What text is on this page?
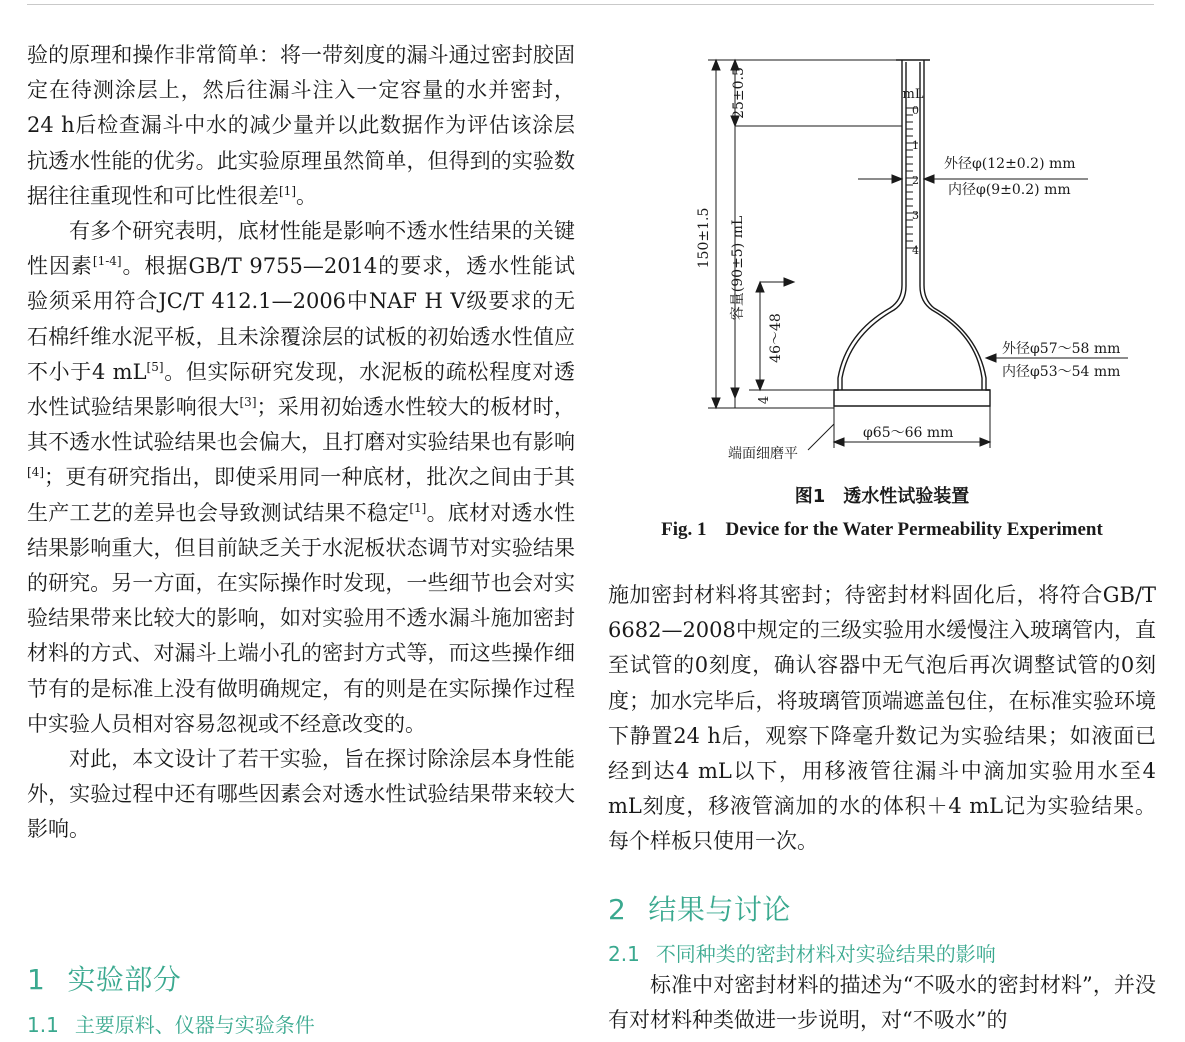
验的原理和操作非常简单：将一带刻度的漏斗通过密封胶固定在待测涂层上，然后往漏斗注入一定容量的水并密封，24 h后检查漏斗中水的减少量并以此数据作为评估该涂层抗透水性能的优劣。此实验原理虽然简单，但得到的实验数据往往重现性和可比性很差[1]。

有多个研究表明，底材性能是影响不透水性结果的关键性因素[1-4]。根据GB/T 9755—2014的要求，透水性能试验须采用符合JC/T 412.1—2006中NAF H Ⅴ级要求的无石棉纤维水泥平板，且未涂覆涂层的试板的初始透水性值应不小于4 mL[5]。但实际研究发现，水泥板的疏松程度对透水性试验结果影响很大[3]；采用初始透水性较大的板材时，其不透水性试验结果也会偏大，且打磨对实验结果也有影响[4]；更有研究指出，即使采用同一种底材，批次之间由于其生产工艺的差异也会导致测试结果不稳定[1]。底材对透水性结果影响重大，但目前缺乏关于水泥板状态调节对实验结果的研究。另一方面，在实际操作时发现，一些细节也会对实验结果带来比较大的影响，如对实验用不透水漏斗施加密封材料的方式、对漏斗上端小孔的密封方式等，而这些操作细节有的是标准上没有做明确规定，有的则是在实际操作过程中实验人员相对容易忽视或不经意改变的。

对此，本文设计了若干实验，旨在探讨除涂层本身性能外，实验过程中还有哪些因素会对透水性试验结果带来较大影响。

1 实验部分
1.1 主要原料、仪器与实验条件
25±0.5	mL
0
1
2
3
4
外径φ(12±0.2) mm
内径φ(9±0.2) mm
150±1.5 容量(90±5) mL
46～48
4
外径φ57～58 mm
内径φ53～54 mm
φ65～66 mm
端面细磨平
图1　透水性试验装置
Fig. 1　Device for the Water Permeability Experiment

施加密封材料将其密封；待密封材料固化后，将符合GB/T 6682—2008中规定的三级实验用水缓慢注入玻璃管内，直至试管的0刻度，确认容器中无气泡后再次调整试管的0刻度；加水完毕后，将玻璃管顶端遮盖包住，在标准实验环境下静置24 h后，观察下降毫升数记为实验结果；如液面已经到达4 mL以下，用移液管往漏斗中滴加实验用水至4 mL刻度，移液管滴加的水的体积＋4 mL记为实验结果。每个样板只使用一次。

2 结果与讨论
2.1 不同种类的密封材料对实验结果的影响

标准中对密封材料的描述为“不吸水的密封材料”，并没有对材料种类做进一步说明，对“不吸水”的
